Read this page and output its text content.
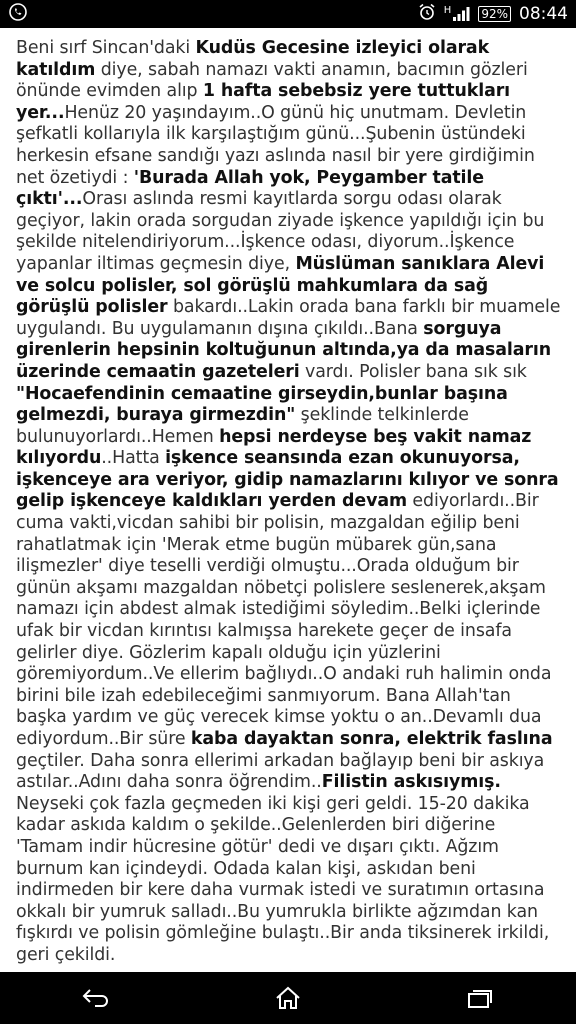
H	92% 08:44
Beni sırf Sincan'daki Kudüs Gecesine izleyici olarak katıldım diye, sabah namazı vakti anamın, bacımın gözleri önünde evimden alıp 1 hafta sebebsiz yere tuttukları yer...Henüz 20 yaşındayım..O günü hiç unutmam. Devletin şefkatli kollarıyla ilk karşılaştığım günü...Şubenin üstündeki herkesin efsane sandığı yazı aslında nasıl bir yere girdiğimin net özetiydi : 'Burada Allah yok, Peygamber tatile çıktı'...Orası aslında resmi kayıtlarda sorgu odası olarak geçiyor, lakin orada sorgudan ziyade işkence yapıldığı için bu şekilde nitelendiriyorum...İşkence odası, diyorum..İşkence yapanlar iltimas geçmesin diye, Müslüman sanıklara Alevi ve solcu polisler, sol görüşlü mahkumlara da sağ görüşlü polisler bakardı..Lakin orada bana farklı bir muamele uygulandı. Bu uygulamanın dışına çıkıldı..Bana sorguya girenlerin hepsinin koltuğunun altında,ya da masaların üzerinde cemaatin gazeteleri vardı. Polisler bana sık sık "Hocaefendinin cemaatine girseydin,bunlar başına gelmezdi, buraya girmezdin" şeklinde telkinlerde bulunuyorlardı..Hemen hepsi nerdeyse beş vakit namaz kılıyordu..Hatta işkence seansında ezan okunuyorsa, işkenceye ara veriyor, gidip namazlarını kılıyor ve sonra gelip işkenceye kaldıkları yerden devam ediyorlardı..Bir cuma vakti,vicdan sahibi bir polisin, mazgaldan eğilip beni rahatlatmak için 'Merak etme bugün mübarek gün,sana ilişmezler' diye teselli verdiği olmuştu...Orada olduğum bir günün akşamı mazgaldan nöbetçi polislere seslenerek,akşam namazı için abdest almak istediğimi söyledim..Belki içlerinde ufak bir vicdan kırıntısı kalmışsa harekete geçer de insafa gelirler diye. Gözlerim kapalı olduğu için yüzlerini göremiyordum..Ve ellerim bağlıydı..O andaki ruh halimin onda birini bile izah edebileceğimi sanmıyorum. Bana Allah'tan başka yardım ve güç verecek kimse yoktu o an..Devamlı dua ediyordum..Bir süre kaba dayaktan sonra, elektrik faslına geçtiler. Daha sonra ellerimi arkadan bağlayıp beni bir askıya astılar..Adını daha sonra öğrendim..Filistin askısıymış. Neyseki çok fazla geçmeden iki kişi geri geldi. 15-20 dakika kadar askıda kaldım o şekilde..Gelenlerden biri diğerine 'Tamam indir hücresine götür' dedi ve dışarı çıktı. Ağzım burnum kan içindeydi. Odada kalan kişi, askıdan beni indirmeden bir kere daha vurmak istedi ve suratımın ortasına okkalı bir yumruk salladı..Bu yumrukla birlikte ağzımdan kan fışkırdı ve polisin gömleğine bulaştı..Bir anda tiksinerek irkildi, geri çekildi.
